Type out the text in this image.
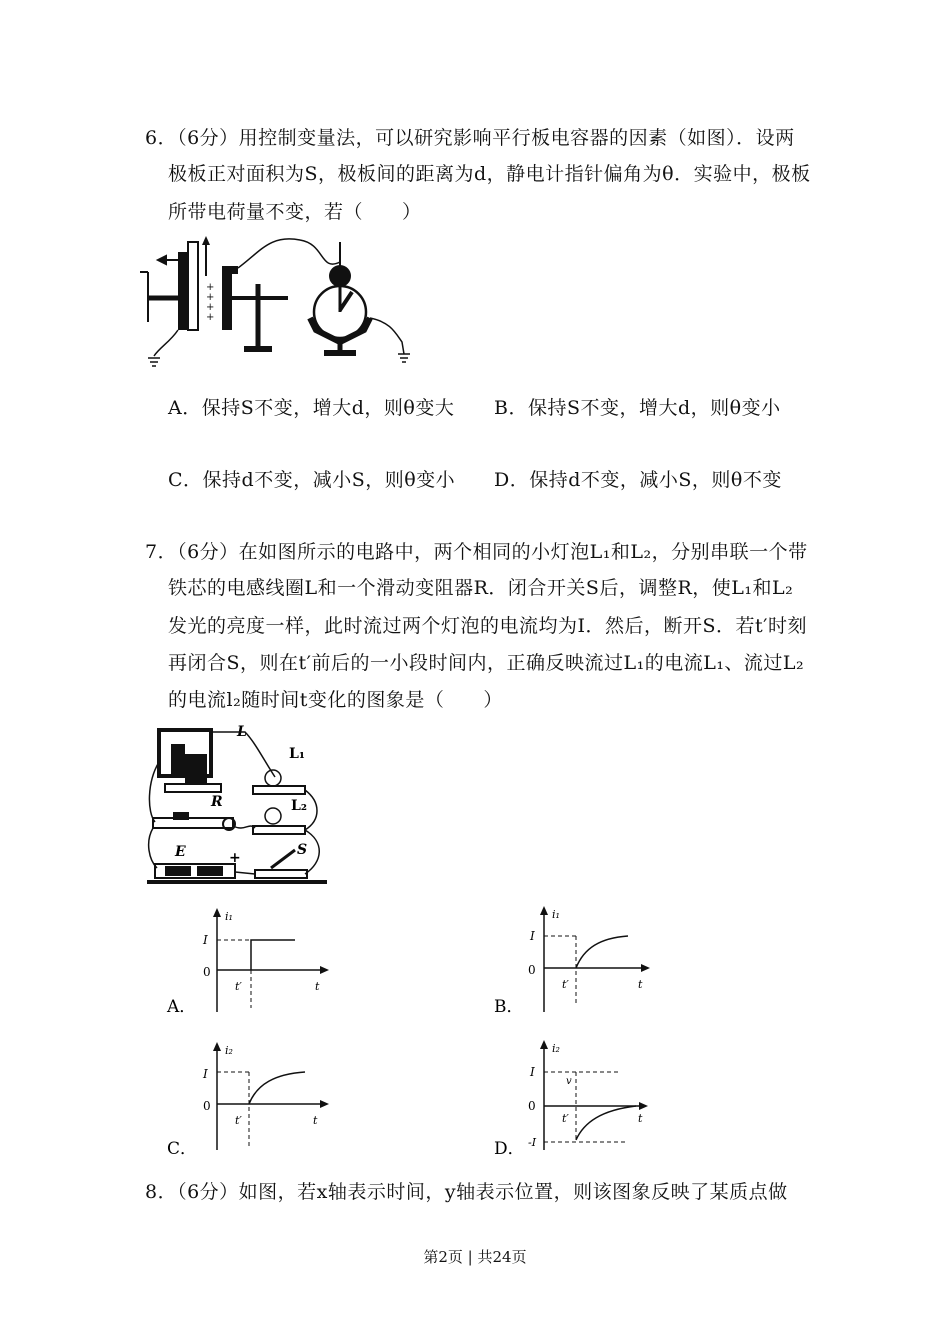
6．（6分）用控制变量法，可以研究影响平行板电容器的因素（如图）．设两
极板正对面积为S，极板间的距离为d，静电计指针偏角为θ．实验中，极板
所带电荷量不变，若（　　）
+
+
+
+
A．保持S不变，增大d，则θ变大 B．保持S不变，增大d，则θ变小
C．保持d不变，减小S，则θ变小 D．保持d不变，减小S，则θ不变
7．（6分）在如图所示的电路中，两个相同的小灯泡L₁和L₂，分别串联一个带
铁芯的电感线圈L和一个滑动变阻器R．闭合开关S后，调整R，使L₁和L₂
发光的亮度一样，此时流过两个灯泡的电流均为I．然后，断开S．若t′时刻
再闭合S，则在t′前后的一小段时间内，正确反映流过L₁的电流L₁、流过L₂
的电流l₂随时间t变化的图象是（　　）
L
L₁
R	L₂
E	+	S
A．
i₁
I
0
t′	t
B．
i₁
I
0
t′	t
C．
i₂
I
0
t′	t
D．
i₂
I
0
-I
v
t′	t
8．（6分）如图，若x轴表示时间，y轴表示位置，则该图象反映了某质点做
第2页 | 共24页
